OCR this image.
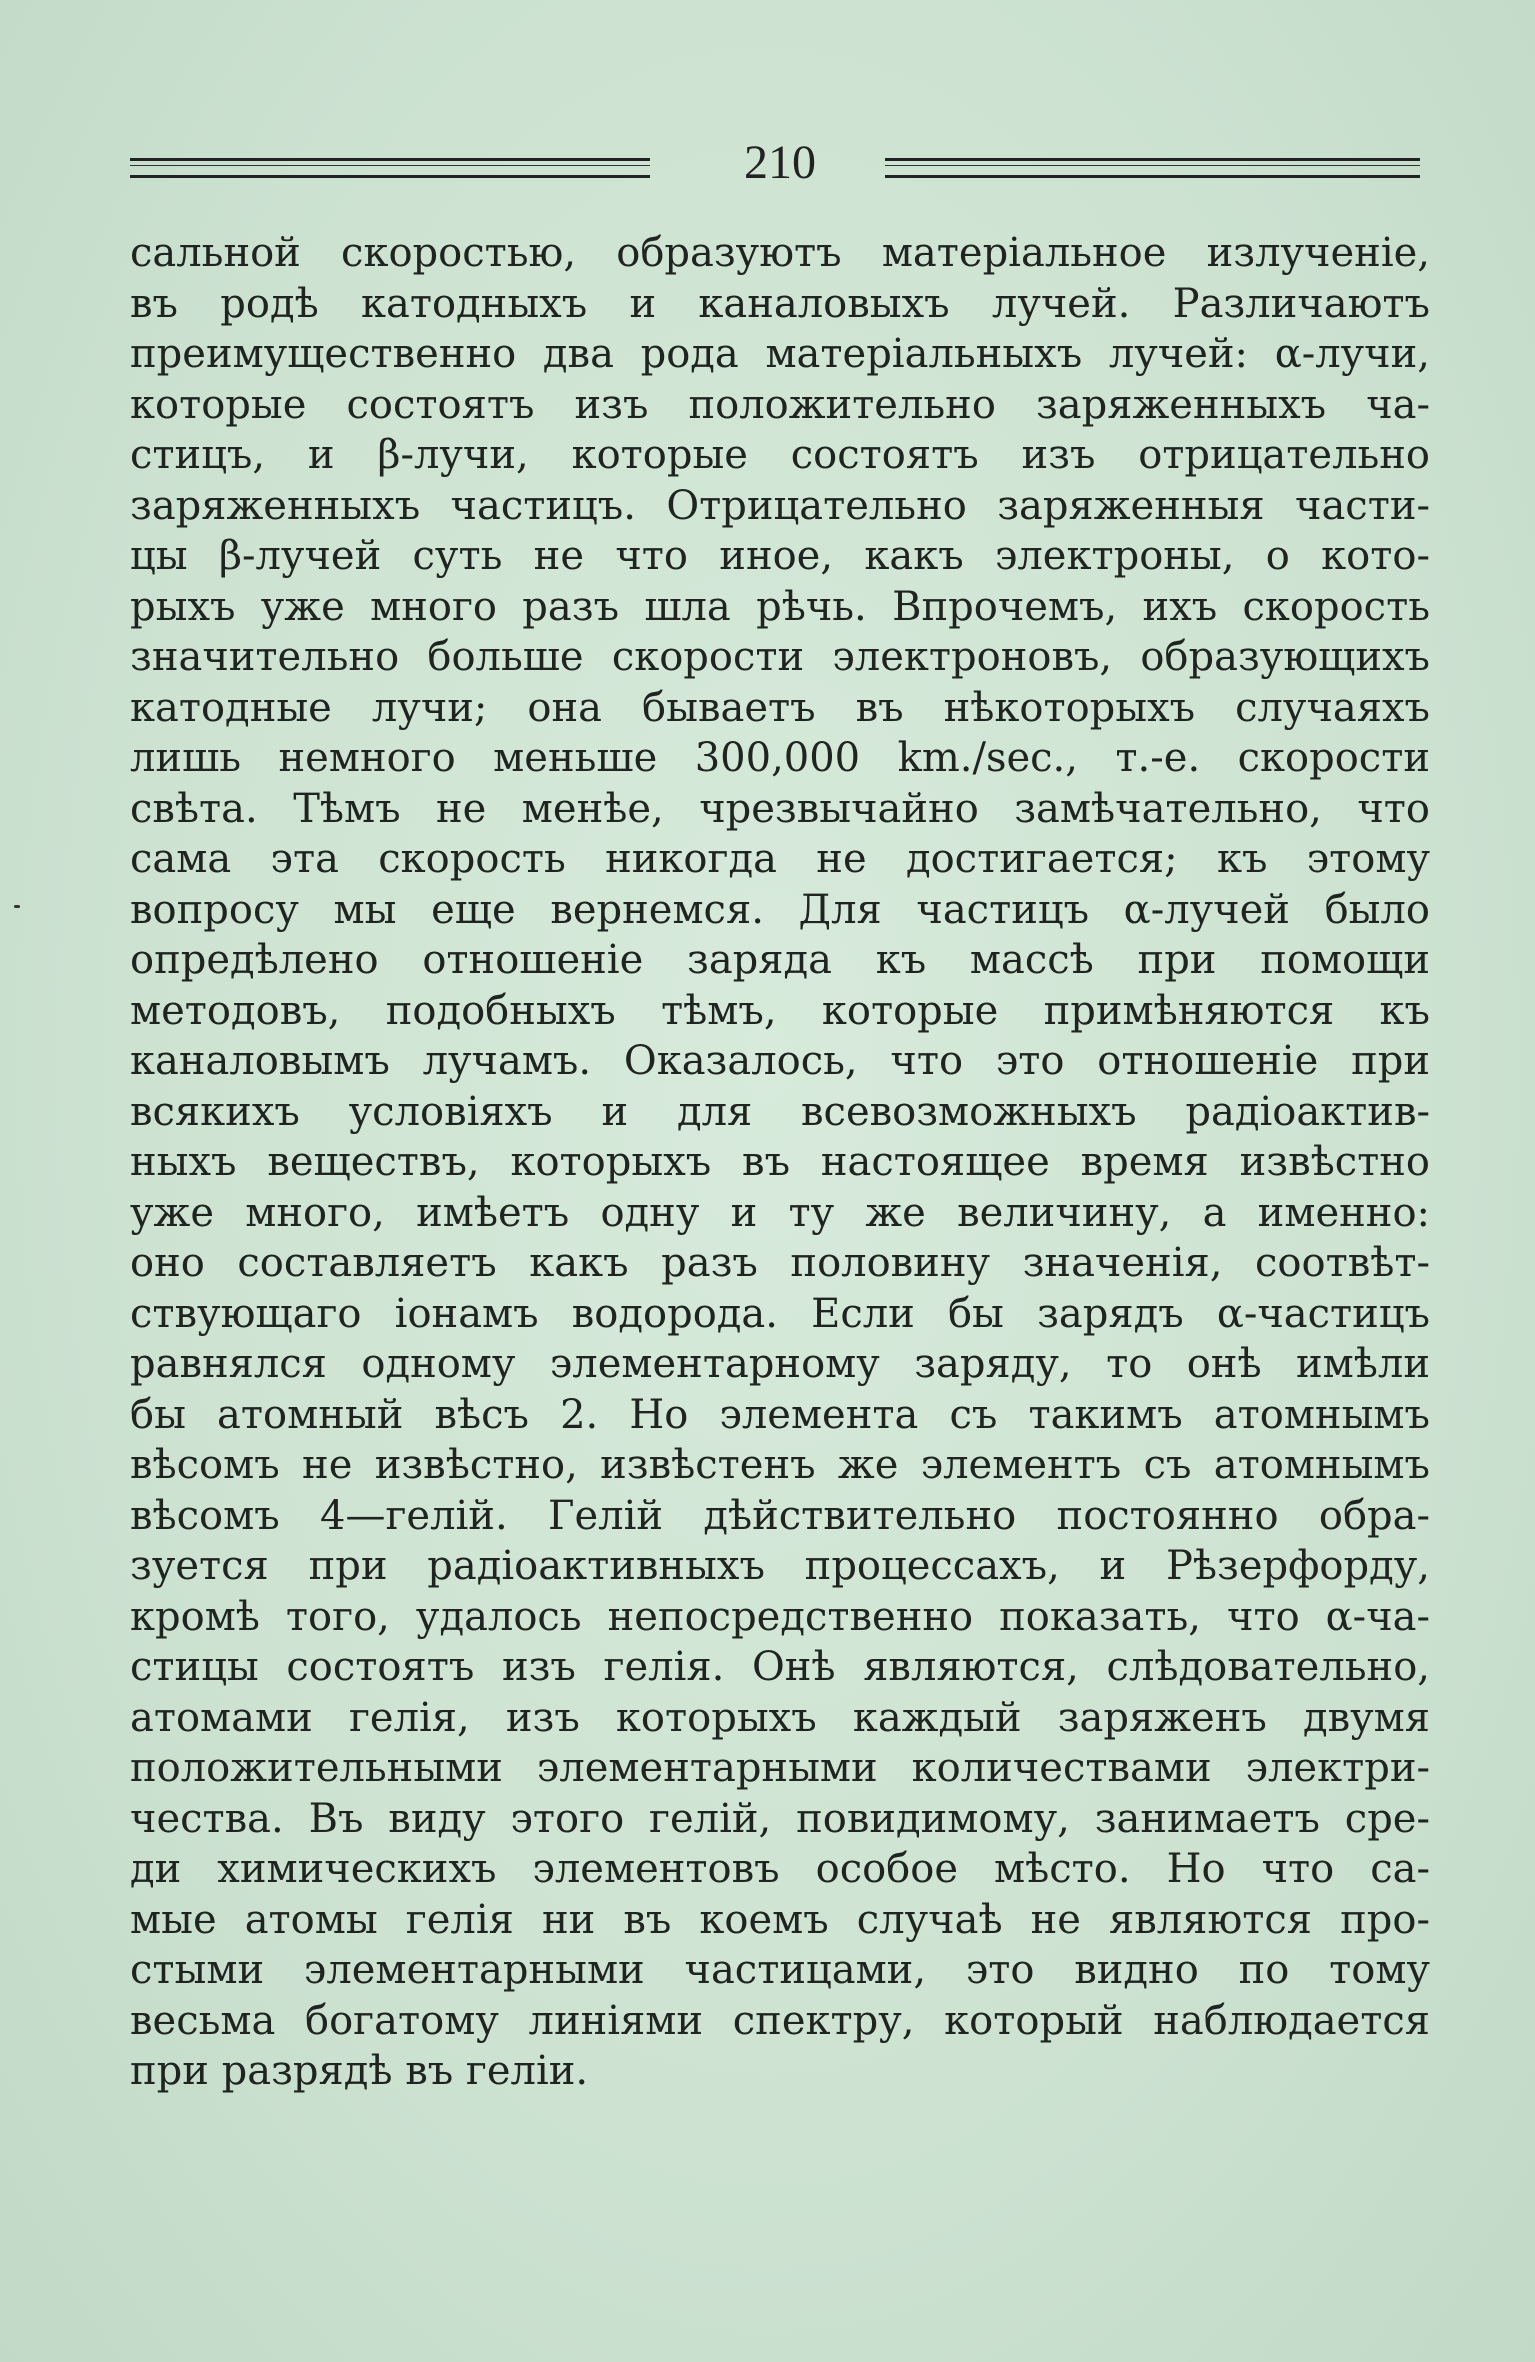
210
сальной скоростью, образуютъ матеріальное излученіе,
въ родѣ катодныхъ и каналовыхъ лучей. Различаютъ
преимущественно два рода матеріальныхъ лучей: α-лучи,
которые состоятъ изъ положительно заряженныхъ ча-
стицъ, и β-лучи, которые состоятъ изъ отрицательно
заряженныхъ частицъ. Отрицательно заряженныя части-
цы β-лучей суть не что иное, какъ электроны, о кото-
рыхъ уже много разъ шла рѣчь. Впрочемъ, ихъ скорость
значительно больше скорости электроновъ, образующихъ
катодные лучи; она бываетъ въ нѣкоторыхъ случаяхъ
лишь немного меньше 300,000 km./sec., т.-е. скорости
свѣта. Тѣмъ не менѣе, чрезвычайно замѣчательно, что
сама эта скорость никогда не достигается; къ этому
вопросу мы еще вернемся. Для частицъ α-лучей было
опредѣлено отношеніе заряда къ массѣ при помощи
методовъ, подобныхъ тѣмъ, которые примѣняются къ
каналовымъ лучамъ. Оказалось, что это отношеніе при
всякихъ условіяхъ и для всевозможныхъ радіоактив-
ныхъ веществъ, которыхъ въ настоящее время извѣстно
уже много, имѣетъ одну и ту же величину, а именно:
оно составляетъ какъ разъ половину значенія, соотвѣт-
ствующаго іонамъ водорода. Если бы зарядъ α-частицъ
равнялся одному элементарному заряду, то онѣ имѣли
бы атомный вѣсъ 2. Но элемента съ такимъ атомнымъ
вѣсомъ не извѣстно, извѣстенъ же элементъ съ атомнымъ
вѣсомъ 4—гелій. Гелій дѣйствительно постоянно обра-
зуется при радіоактивныхъ процессахъ, и Рѣзерфорду,
кромѣ того, удалось непосредственно показать, что α-ча-
стицы состоятъ изъ гелія. Онѣ являются, слѣдовательно,
атомами гелія, изъ которыхъ каждый заряженъ двумя
положительными элементарными количествами электри-
чества. Въ виду этого гелій, повидимому, занимаетъ сре-
ди химическихъ элементовъ особое мѣсто. Но что са-
мые атомы гелія ни въ коемъ случаѣ не являются про-
стыми элементарными частицами, это видно по тому
весьма богатому линіями спектру, который наблюдается
при разрядѣ въ геліи.
